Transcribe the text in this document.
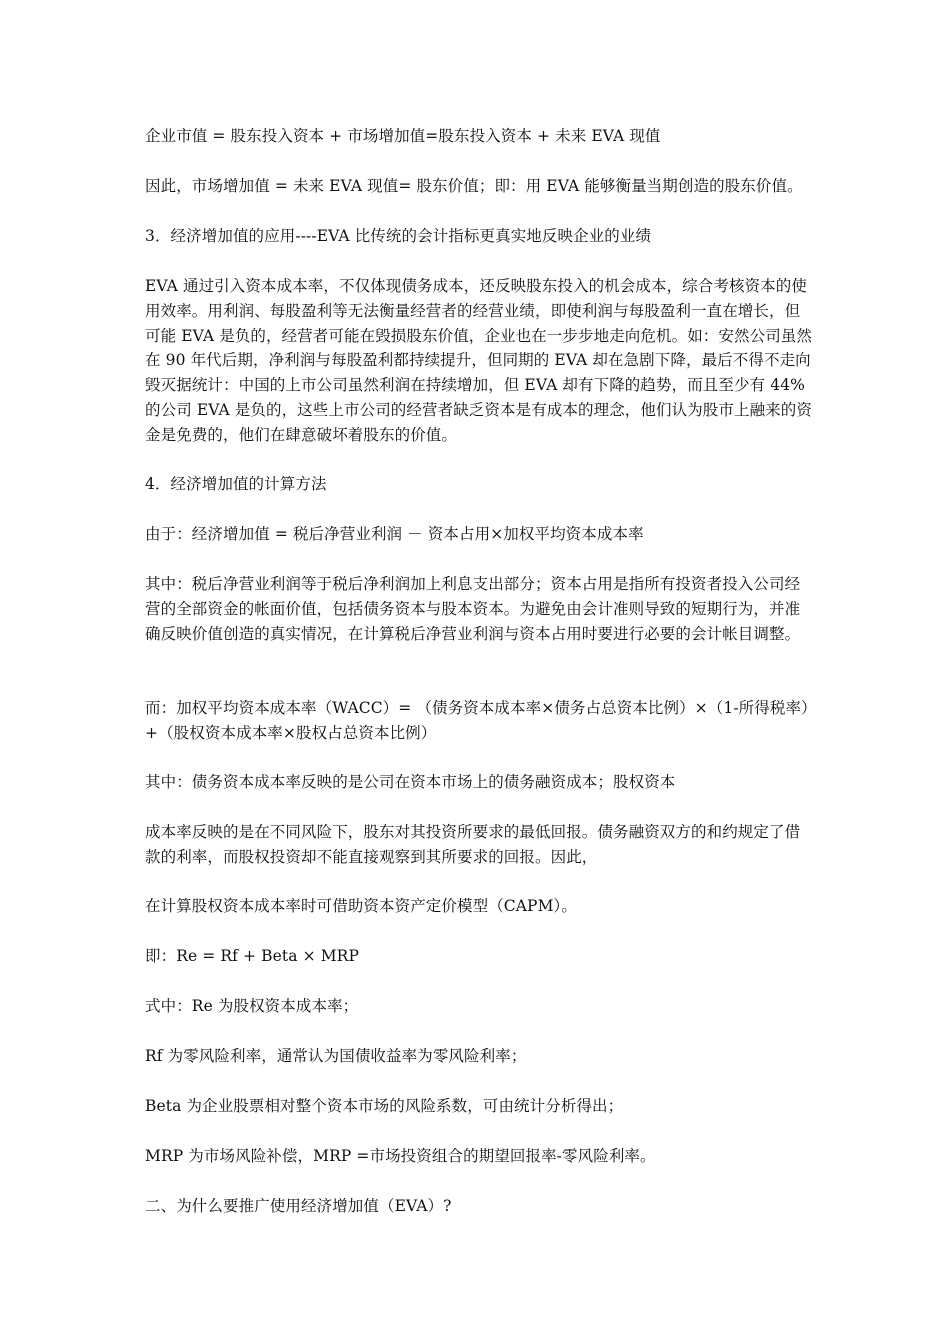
企业市值 = 股东投入资本 + 市场增加值=股东投入资本 + 未来 EVA 现值

因此，市场增加值 = 未来 EVA 现值= 股东价值；即：用 EVA 能够衡量当期创造的股东价值。

3．经济增加值的应用----EVA 比传统的会计指标更真实地反映企业的业绩

EVA 通过引入资本成本率，不仅体现债务成本，还反映股东投入的机会成本，综合考核资本的使用效率。用利润、每股盈利等无法衡量经营者的经营业绩，即使利润与每股盈利一直在增长，但可能 EVA 是负的，经营者可能在毁损股东价值，企业也在一步步地走向危机。如：安然公司虽然在 90 年代后期，净利润与每股盈利都持续提升，但同期的 EVA 却在急剧下降，最后不得不走向毁灭据统计：中国的上市公司虽然利润在持续增加，但 EVA 却有下降的趋势，而且至少有 44%的公司 EVA 是负的，这些上市公司的经营者缺乏资本是有成本的理念，他们认为股市上融来的资金是免费的，他们在肆意破坏着股东的价值。

4．经济增加值的计算方法

由于：经济增加值 = 税后净营业利润 － 资本占用×加权平均资本成本率

其中：税后净营业利润等于税后净利润加上利息支出部分；资本占用是指所有投资者投入公司经营的全部资金的帐面价值，包括债务资本与股本资本。为避免由会计准则导致的短期行为，并准确反映价值创造的真实情况，在计算税后净营业利润与资本占用时要进行必要的会计帐目调整。

而：加权平均资本成本率（WACC）= （债务资本成本率×债务占总资本比例）×（1-所得税率）+（股权资本成本率×股权占总资本比例）

其中：债务资本成本率反映的是公司在资本市场上的债务融资成本；股权资本

成本率反映的是在不同风险下，股东对其投资所要求的最低回报。债务融资双方的和约规定了借款的利率，而股权投资却不能直接观察到其所要求的回报。因此，

在计算股权资本成本率时可借助资本资产定价模型（CAPM）。

即：Re = Rf + Beta × MRP

式中：Re 为股权资本成本率；

Rf 为零风险利率，通常认为国债收益率为零风险利率；

Beta 为企业股票相对整个资本市场的风险系数，可由统计分析得出；

MRP 为市场风险补偿，MRP =市场投资组合的期望回报率-零风险利率。

二、为什么要推广使用经济增加值（EVA）?
